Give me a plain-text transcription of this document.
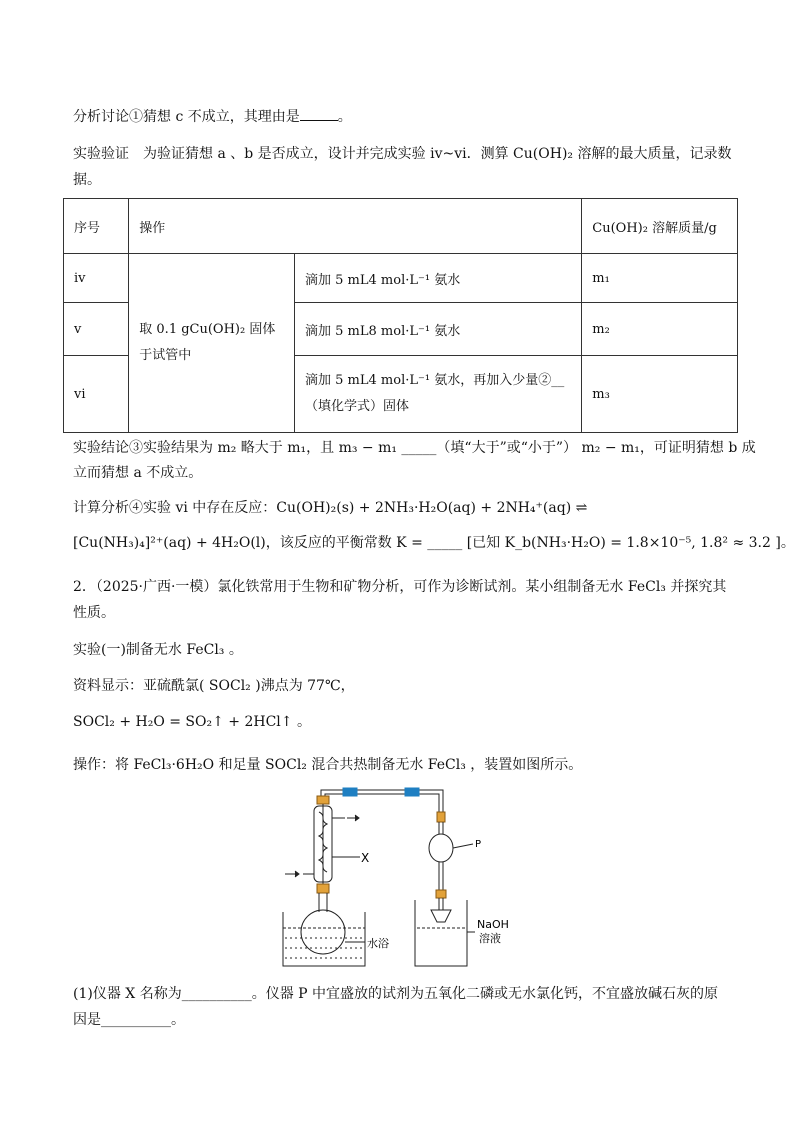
分析讨论①猜想 c 不成立，其理由是	。
实验验证　为验证猜想 a 、b 是否成立，设计并完成实验 iv~vi．测算 Cu(OH)₂ 溶解的最大质量，记录数
据。
序号	操作		Cu(OH)₂ 溶解质量/g
iv	取 0.1 gCu(OH)₂ 固体于试管中	滴加 5 mL4 mol·L⁻¹ 氨水	m₁
v		滴加 5 mL8 mol·L⁻¹ 氨水	m₂
vi		滴加 5 mL4 mol·L⁻¹ 氨水，再加入少量②__
（填化学式）固体	m₃
实验结论③实验结果为 m₂ 略大于 m₁，且 m₃ − m₁ _____（填“大于”或“小于”） m₂ − m₁，可证明猜想 b 成
立而猜想 a 不成立。
计算分析④实验 vi 中存在反应：Cu(OH)₂(s) + 2NH₃·H₂O(aq) + 2NH₄⁺(aq) ⇌
[Cu(NH₃)₄]²⁺(aq) + 4H₂O(l)，该反应的平衡常数 K = _____ [已知 K_b(NH₃·H₂O) = 1.8×10⁻⁵, 1.8² ≈ 3.2 ]。
2．（2025·广西·一模）氯化铁常用于生物和矿物分析，可作为诊断试剂。某小组制备无水 FeCl₃ 并探究其
性质。
实验(一)制备无水 FeCl₃ 。
资料显示：亚硫酰氯( SOCl₂ )沸点为 77℃，
SOCl₂ + H₂O = SO₂↑ + 2HCl↑ 。
操作：将 FeCl₃·6H₂O 和足量 SOCl₂ 混合共热制备无水 FeCl₃ ，装置如图所示。
X
P
水浴
NaOH
溶液
(1)仪器 X 名称为__________。仪器 P 中宜盛放的试剂为五氧化二磷或无水氯化钙，不宜盛放碱石灰的原
因是__________。
